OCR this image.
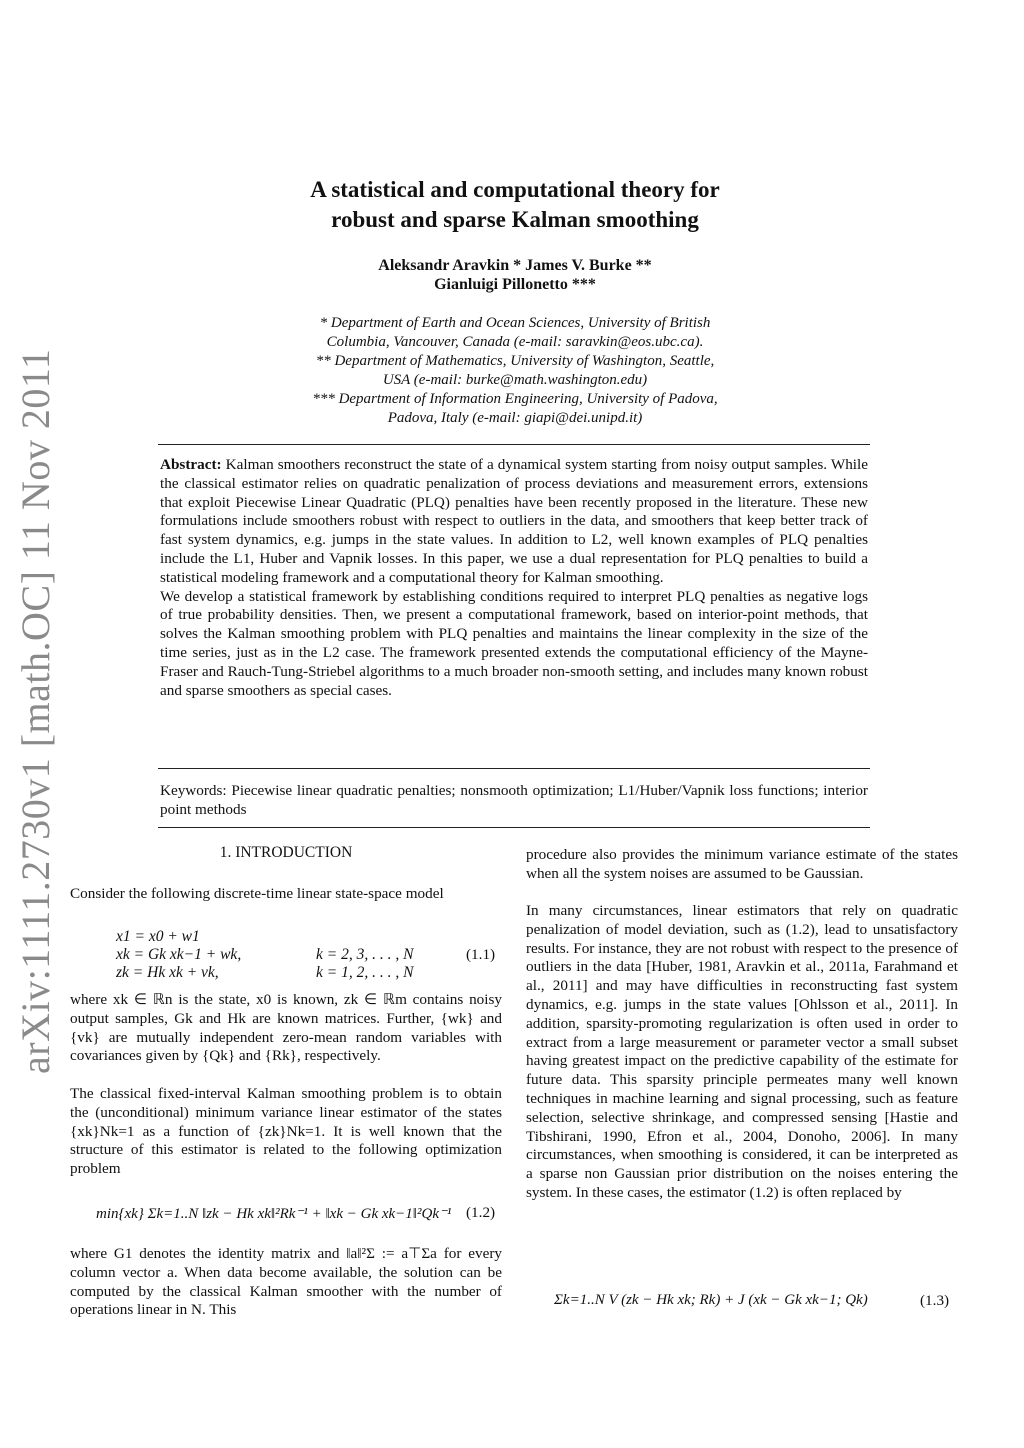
arXiv:1111.2730v1 [math.OC] 11 Nov 2011
A statistical and computational theory for
robust and sparse Kalman smoothing
Aleksandr Aravkin * James V. Burke **
Gianluigi Pillonetto ***
* Department of Earth and Ocean Sciences, University of British
Columbia, Vancouver, Canada (e-mail: saravkin@eos.ubc.ca).
** Department of Mathematics, University of Washington, Seattle,
USA (e-mail: burke@math.washington.edu)
*** Department of Information Engineering, University of Padova,
Padova, Italy (e-mail: giapi@dei.unipd.it)

Abstract: Kalman smoothers reconstruct the state of a dynamical system starting from noisy output samples. While the classical estimator relies on quadratic penalization of process deviations and measurement errors, extensions that exploit Piecewise Linear Quadratic (PLQ) penalties have been recently proposed in the literature. These new formulations include smoothers robust with respect to outliers in the data, and smoothers that keep better track of fast system dynamics, e.g. jumps in the state values. In addition to L2, well known examples of PLQ penalties include the L1, Huber and Vapnik losses. In this paper, we use a dual representation for PLQ penalties to build a statistical modeling framework and a computational theory for Kalman smoothing.

We develop a statistical framework by establishing conditions required to interpret PLQ penalties as negative logs of true probability densities. Then, we present a computational framework, based on interior-point methods, that solves the Kalman smoothing problem with PLQ penalties and maintains the linear complexity in the size of the time series, just as in the L2 case. The framework presented extends the computational efficiency of the Mayne-Fraser and Rauch-Tung-Striebel algorithms to a much broader non-smooth setting, and includes many known robust and sparse smoothers as special cases.

Keywords: Piecewise linear quadratic penalties; nonsmooth optimization; L1/Huber/Vapnik loss functions; interior point methods
1. INTRODUCTION
Consider the following discrete-time linear state-space model
x1 = x0 + w1
xk = Gk xk−1 + wk,
zk = Hk xk + vk,
k = 2, 3, . . . , N
k = 1, 2, . . . , N
(1.1)
where xk ∈ ℝn is the state, x0 is known, zk ∈ ℝm contains noisy output samples, Gk and Hk are known matrices. Further, {wk} and {vk} are mutually independent zero-mean random variables with covariances given by {Qk} and {Rk}, respectively.
The classical fixed-interval Kalman smoothing problem is to obtain the (unconditional) minimum variance linear estimator of the states {xk}Nk=1 as a function of {zk}Nk=1. It is well known that the structure of this estimator is related to the following optimization problem
min{xk} Σk=1..N ‖zk − Hk xk‖²Rk⁻¹ + ‖xk − Gk xk−1‖²Qk⁻¹ (1.2)
where G1 denotes the identity matrix and ‖a‖²Σ := a⊤Σa for every column vector a. When data become available, the solution can be computed by the classical Kalman smoother with the number of operations linear in N. This
procedure also provides the minimum variance estimate of the states when all the system noises are assumed to be Gaussian.
In many circumstances, linear estimators that rely on quadratic penalization of model deviation, such as (1.2), lead to unsatisfactory results. For instance, they are not robust with respect to the presence of outliers in the data [Huber, 1981, Aravkin et al., 2011a, Farahmand et al., 2011] and may have difficulties in reconstructing fast system dynamics, e.g. jumps in the state values [Ohlsson et al., 2011]. In addition, sparsity-promoting regularization is often used in order to extract from a large measurement or parameter vector a small subset having greatest impact on the predictive capability of the estimate for future data. This sparsity principle permeates many well known techniques in machine learning and signal processing, such as feature selection, selective shrinkage, and compressed sensing [Hastie and Tibshirani, 1990, Efron et al., 2004, Donoho, 2006]. In many circumstances, when smoothing is considered, it can be interpreted as a sparse non Gaussian prior distribution on the noises entering the system. In these cases, the estimator (1.2) is often replaced by
Σk=1..N V (zk − Hk xk; Rk) + J (xk − Gk xk−1; Qk)	(1.3)
